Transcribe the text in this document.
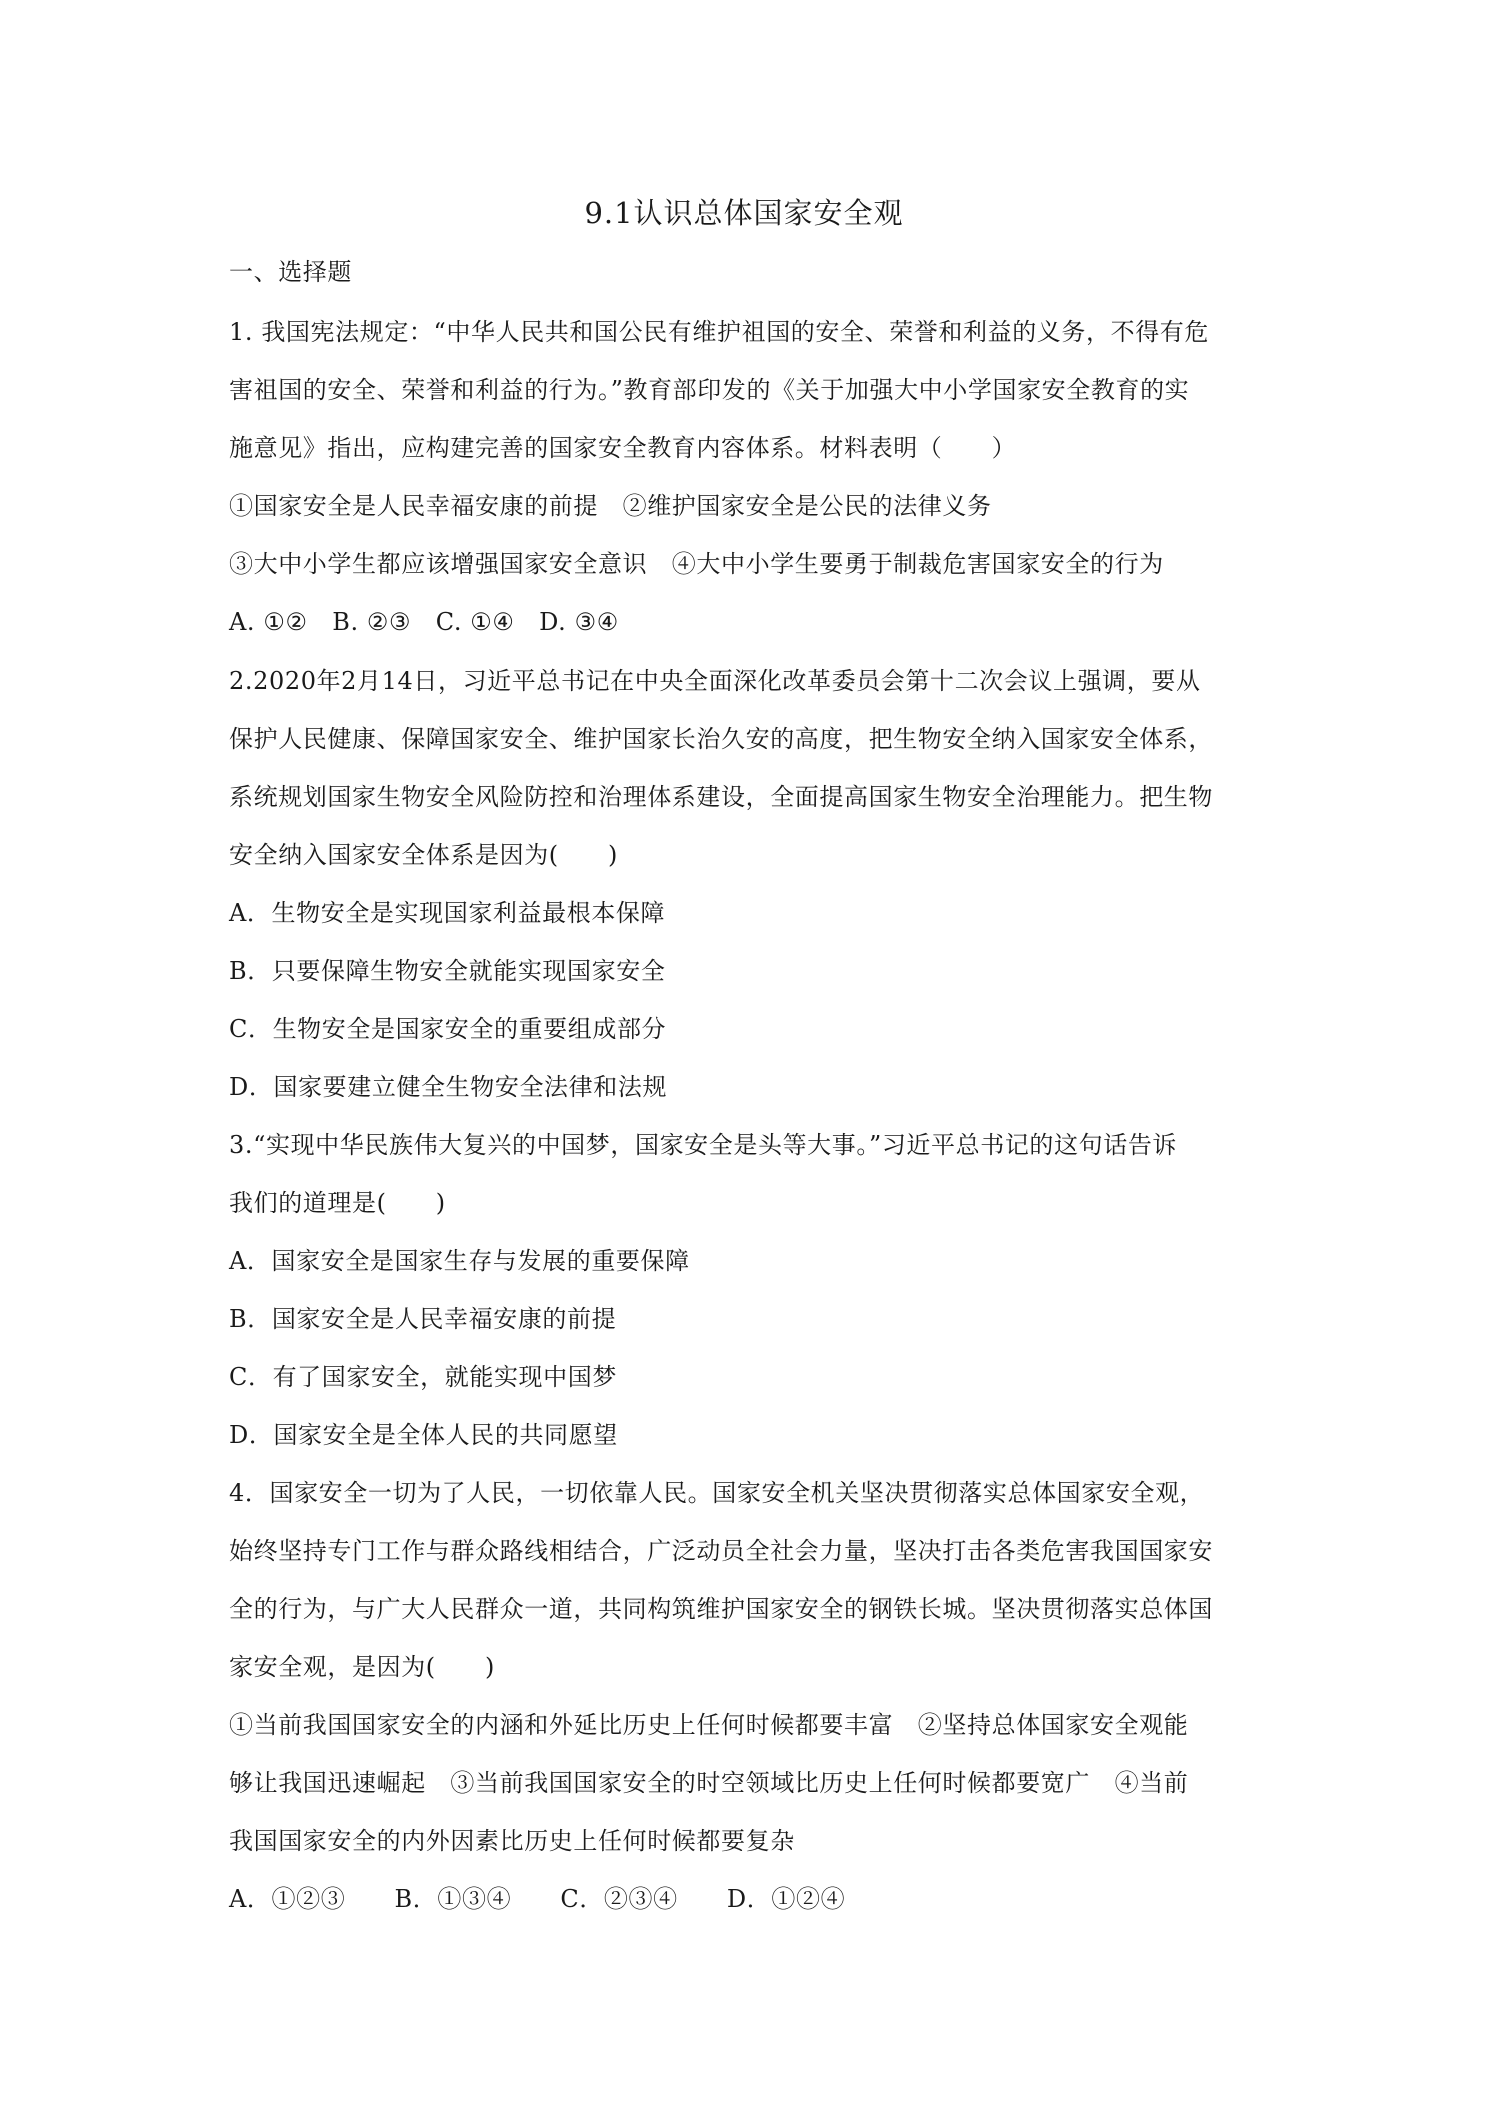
9.1认识总体国家安全观
一、选择题
1. 我国宪法规定：“中华人民共和国公民有维护祖国的安全、荣誉和利益的义务，不得有危
害祖国的安全、荣誉和利益的行为。”教育部印发的《关于加强大中小学国家安全教育的实
施意见》指出，应构建完善的国家安全教育内容体系。材料表明（　　）
①国家安全是人民幸福安康的前提　②维护国家安全是公民的法律义务
③大中小学生都应该增强国家安全意识　④大中小学生要勇于制裁危害国家安全的行为
A. ①②　B. ②③　C. ①④　D. ③④
2.2020年2月14日，习近平总书记在中央全面深化改革委员会第十二次会议上强调，要从
保护人民健康、保障国家安全、维护国家长治久安的高度，把生物安全纳入国家安全体系，
系统规划国家生物安全风险防控和治理体系建设，全面提高国家生物安全治理能力。把生物
安全纳入国家安全体系是因为(　　)
A．生物安全是实现国家利益最根本保障
B．只要保障生物安全就能实现国家安全
C．生物安全是国家安全的重要组成部分
D．国家要建立健全生物安全法律和法规
3.“实现中华民族伟大复兴的中国梦，国家安全是头等大事。”习近平总书记的这句话告诉
我们的道理是(　　)
A．国家安全是国家生存与发展的重要保障
B．国家安全是人民幸福安康的前提
C．有了国家安全，就能实现中国梦
D．国家安全是全体人民的共同愿望
4．国家安全一切为了人民，一切依靠人民。国家安全机关坚决贯彻落实总体国家安全观，
始终坚持专门工作与群众路线相结合，广泛动员全社会力量，坚决打击各类危害我国国家安
全的行为，与广大人民群众一道，共同构筑维护国家安全的钢铁长城。坚决贯彻落实总体国
家安全观，是因为(　　)
①当前我国国家安全的内涵和外延比历史上任何时候都要丰富　②坚持总体国家安全观能
够让我国迅速崛起　③当前我国国家安全的时空领域比历史上任何时候都要宽广　④当前
我国国家安全的内外因素比历史上任何时候都要复杂
A．①②③　　B．①③④　　C．②③④　　D．①②④
